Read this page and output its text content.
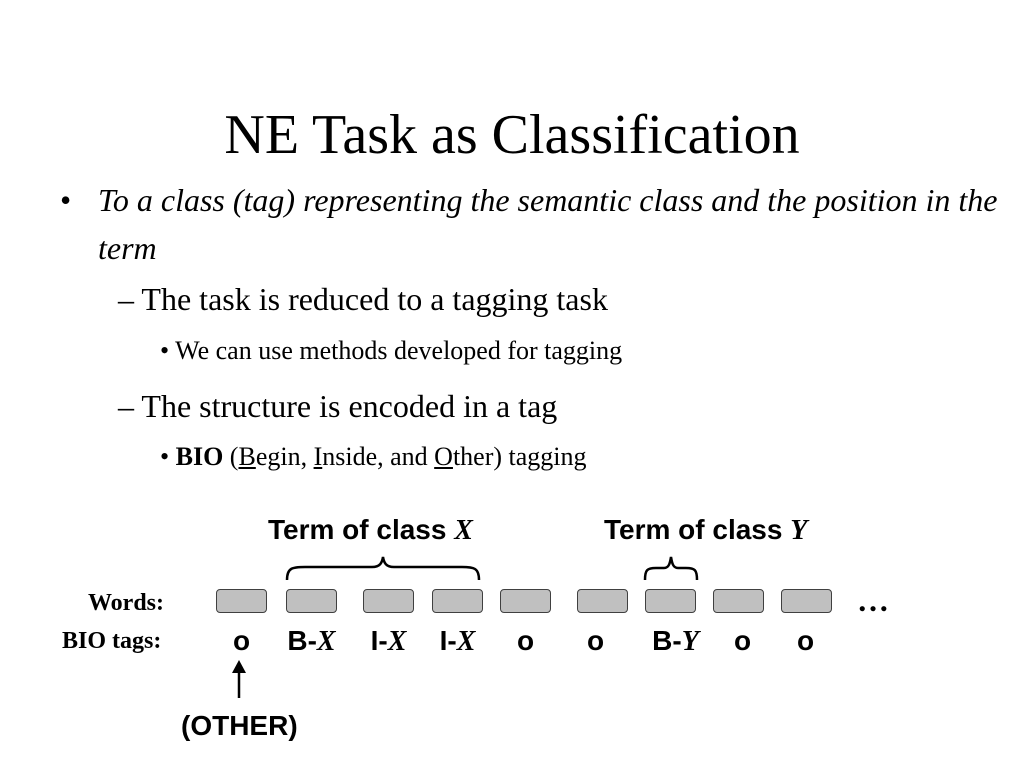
NE Task as Classification
• To a class (tag) representing the semantic class and the position in the term
– The task is reduced to a tagging task
• We can use methods developed for tagging
– The structure is encoded in a tag
• BIO (Begin, Inside, and Other) tagging
Term of class X	Term of class Y
Words:
BIO tags:
…
o	B-X	I-X	I-X	o	o	B-Y	o	o
(OTHER)
